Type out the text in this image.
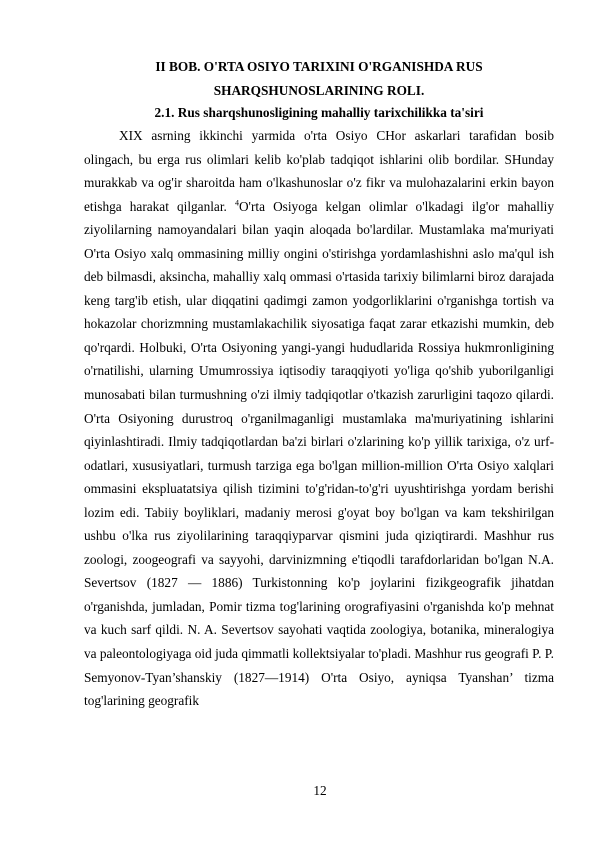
II BOB. O'RTA OSIYO TARIXINI O'RGANISHDA RUS
SHARQSHUNOSLARINING ROLI.
2.1. Rus sharqshunosligining mahalliy tarixchilikka ta'siri

XIX asrning ikkinchi yarmida o'rta Osiyo CHor askarlari tarafidan bosib olingach, bu erga rus olimlari kelib ko'plab tadqiqot ishlarini olib bordilar. SHunday murakkab va og'ir sharoitda ham o'lkashunoslar o'z fikr va mulohazalarini erkin bayon etishga harakat qilganlar. $^4$O'rta Osiyoga kelgan olimlar o'lkadagi ilg'or mahalliy ziyolilarning namoyandalari bilan yaqin aloqada bo'lardilar. Mustamlaka ma'muriyati O'rta Osiyo xalq ommasining milliy ongini o'stirishga yordamlashishni aslo ma'qul ish deb bilmasdi, aksincha, mahalliy xalq ommasi o'rtasida tarixiy bilimlarni biroz darajada keng targ'ib etish, ular diqqatini qadimgi zamon yodgorliklarini o'rganishga tortish va hokazolar chorizmning mustamlakachilik siyosatiga faqat zarar etkazishi mumkin, deb qo'rqardi. Holbuki, O'rta Osiyoning yangi-yangi hududlarida Rossiya hukmronligining o'rnatilishi, ularning Umumrossiya iqtisodiy taraqqiyoti yo'liga qo'shib yuborilganligi munosabati bilan turmushning o'zi ilmiy tadqiqotlar o'tkazish zarurligini taqozo qilardi. O'rta Osiyoning durustroq o'rganilmaganligi mustamlaka ma'muriyatining ishlarini qiyinlashtiradi. Ilmiy tadqiqotlardan ba'zi birlari o'zlarining ko'p yillik tarixiga, o'z urf-odatlari, xususiyatlari, turmush tarziga ega bo'lgan million-million O'rta Osiyo xalqlari ommasini ekspluatatsiya qilish tizimini to'g'ridan-to'g'ri uyushtirishga yordam berishi lozim edi. Tabiiy boyliklari, madaniy merosi g'oyat boy bo'lgan va kam tekshirilgan ushbu o'lka rus ziyolilarining taraqqiyparvar qismini juda qiziqtirardi. Mashhur rus zoologi, zoogeografi va sayyohi, darvinizmning e'tiqodli tarafdorlaridan bo'lgan N.A. Severtsov (1827 — 1886) Turkistonning ko'p joylarini fizikgeografik jihatdan o'rganishda, jumladan, Pomir tizma tog'larining orografiyasini o'rganishda ko'p mehnat va kuch sarf qildi. N. A. Severtsov sayohati vaqtida zoologiya, botanika, mineralogiya va paleontologiyaga oid juda qimmatli kollektsiyalar to'pladi. Mashhur rus geografi P. P. Semyonov-Tyan’shanskiy (1827—1914) O'rta Osiyo, ayniqsa Tyanshan’ tizma tog'larining geografik

12
